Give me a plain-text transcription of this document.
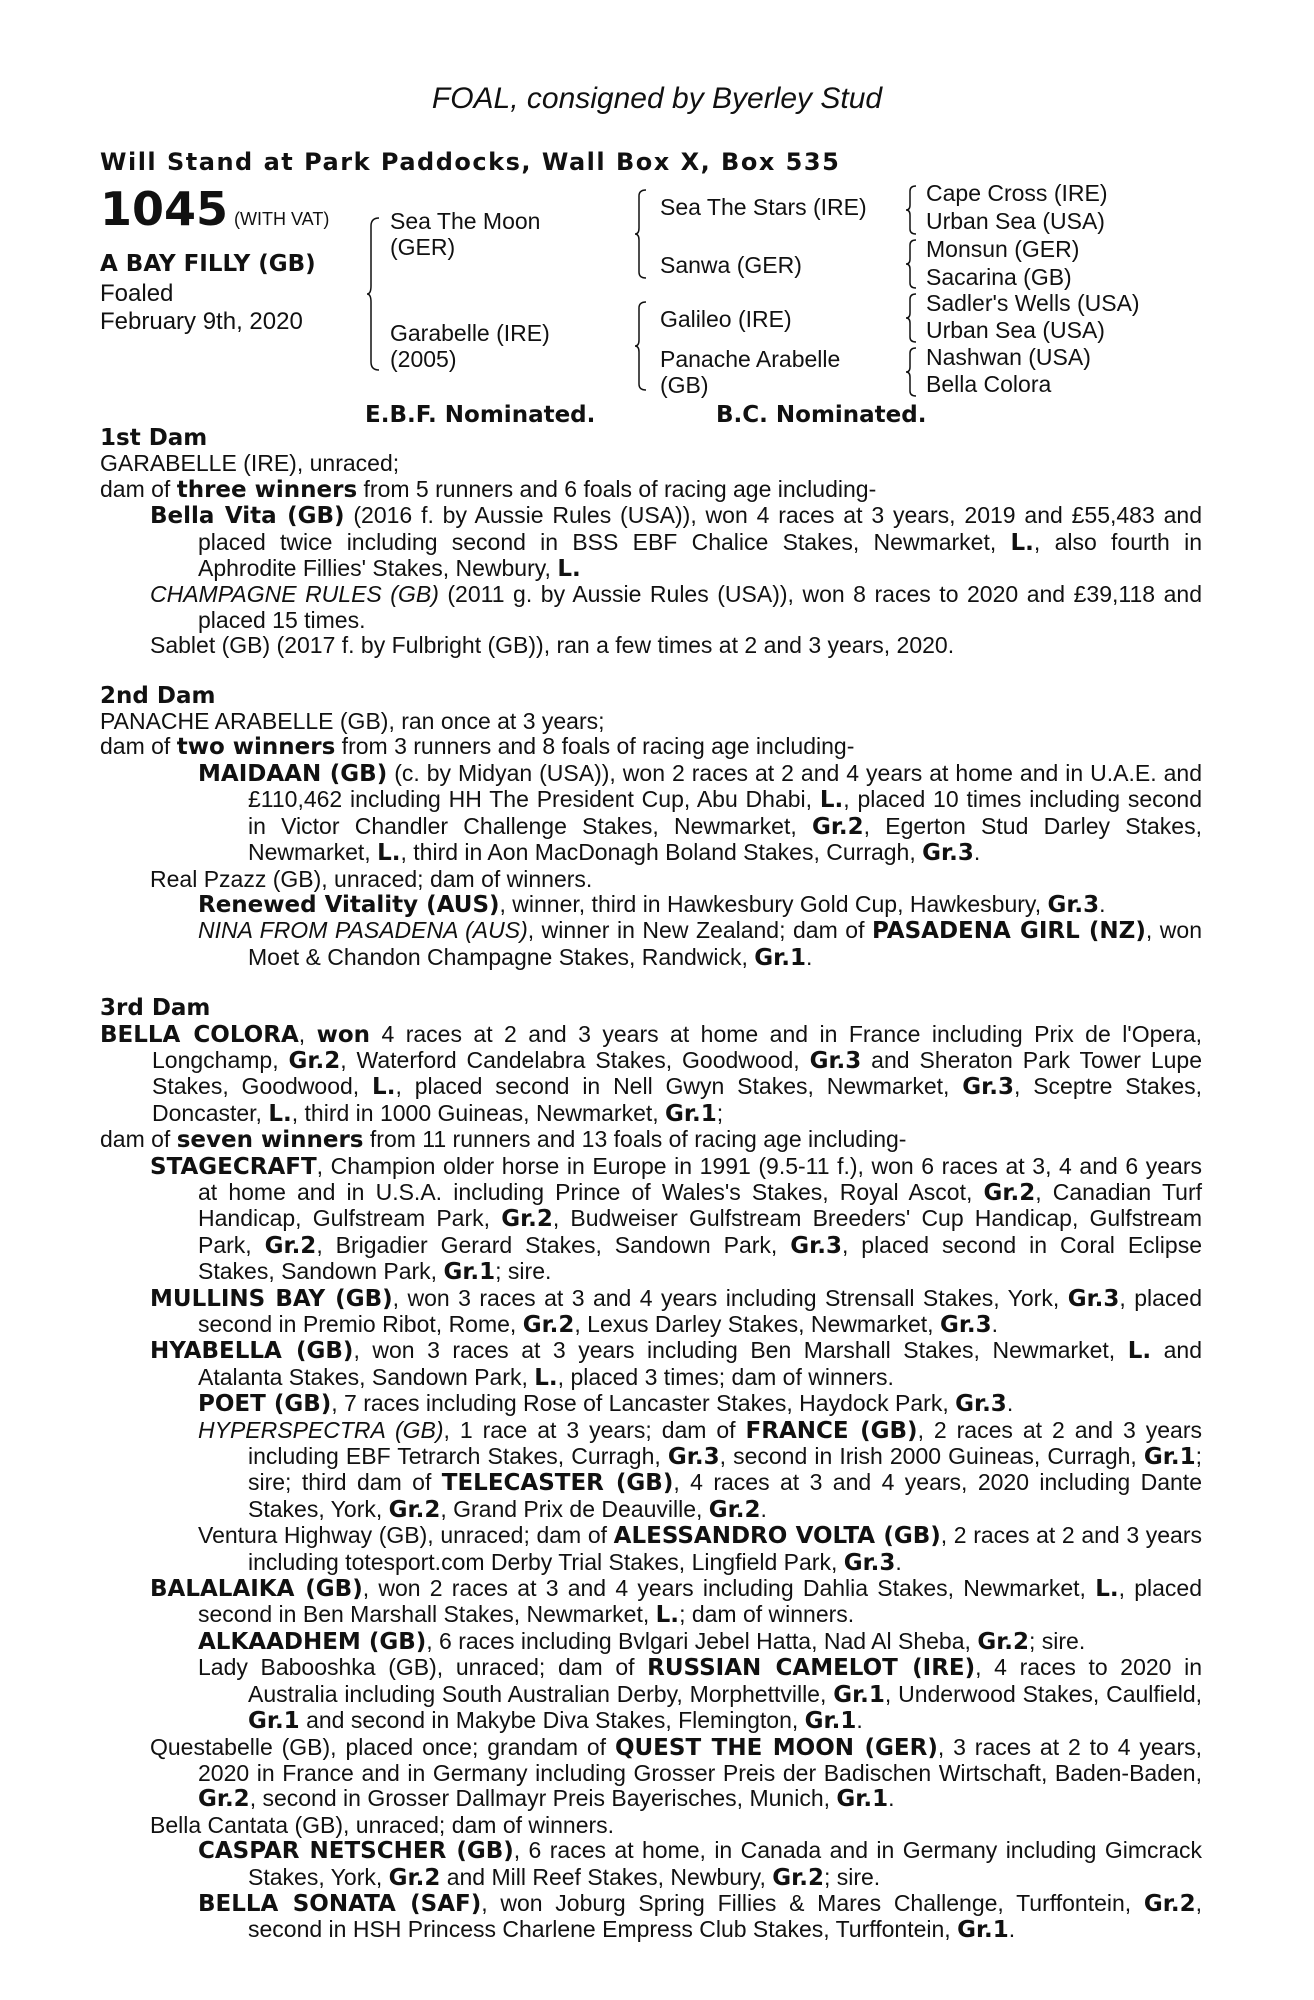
FOAL, consigned by Byerley Stud
Will Stand at Park Paddocks, Wall Box X, Box 535
1045 (WITH VAT)
A BAY FILLY (GB)
Foaled
February 9th, 2020
Sea The Moon
(GER)
Garabelle (IRE)
(2005)
Sea The Stars (IRE)
Sanwa (GER)
Galileo (IRE)
Panache Arabelle
(GB)
Cape Cross (IRE)
Urban Sea (USA)
Monsun (GER)
Sacarina (GB)
Sadler's Wells (USA)
Urban Sea (USA)
Nashwan (USA)
Bella Colora
E.B.F. Nominated.	B.C. Nominated.
1st Dam
GARABELLE (IRE), unraced;
dam of three winners from 5 runners and 6 foals of racing age including-
Bella Vita (GB) (2016 f. by Aussie Rules (USA)), won 4 races at 3 years, 2019 and £55,483 and placed twice including second in BSS EBF Chalice Stakes, Newmarket, L., also fourth in Aphrodite Fillies' Stakes, Newbury, L.
CHAMPAGNE RULES (GB) (2011 g. by Aussie Rules (USA)), won 8 races to 2020 and £39,118 and placed 15 times.
Sablet (GB) (2017 f. by Fulbright (GB)), ran a few times at 2 and 3 years, 2020.
2nd Dam
PANACHE ARABELLE (GB), ran once at 3 years;
dam of two winners from 3 runners and 8 foals of racing age including-
MAIDAAN (GB) (c. by Midyan (USA)), won 2 races at 2 and 4 years at home and in U.A.E. and £110,462 including HH The President Cup, Abu Dhabi, L., placed 10 times including second in Victor Chandler Challenge Stakes, Newmarket, Gr.2, Egerton Stud Darley Stakes, Newmarket, L., third in Aon MacDonagh Boland Stakes, Curragh, Gr.3.
Real Pzazz (GB), unraced; dam of winners.
Renewed Vitality (AUS), winner, third in Hawkesbury Gold Cup, Hawkesbury, Gr.3.
NINA FROM PASADENA (AUS), winner in New Zealand; dam of PASADENA GIRL (NZ), won Moet & Chandon Champagne Stakes, Randwick, Gr.1.
3rd Dam
BELLA COLORA, won 4 races at 2 and 3 years at home and in France including Prix de l'Opera, Longchamp, Gr.2, Waterford Candelabra Stakes, Goodwood, Gr.3 and Sheraton Park Tower Lupe Stakes, Goodwood, L., placed second in Nell Gwyn Stakes, Newmarket, Gr.3, Sceptre Stakes, Doncaster, L., third in 1000 Guineas, Newmarket, Gr.1;
dam of seven winners from 11 runners and 13 foals of racing age including-
STAGECRAFT, Champion older horse in Europe in 1991 (9.5-11 f.), won 6 races at 3, 4 and 6 years at home and in U.S.A. including Prince of Wales's Stakes, Royal Ascot, Gr.2, Canadian Turf Handicap, Gulfstream Park, Gr.2, Budweiser Gulfstream Breeders' Cup Handicap, Gulfstream Park, Gr.2, Brigadier Gerard Stakes, Sandown Park, Gr.3, placed second in Coral Eclipse Stakes, Sandown Park, Gr.1; sire.
MULLINS BAY (GB), won 3 races at 3 and 4 years including Strensall Stakes, York, Gr.3, placed second in Premio Ribot, Rome, Gr.2, Lexus Darley Stakes, Newmarket, Gr.3.
HYABELLA (GB), won 3 races at 3 years including Ben Marshall Stakes, Newmarket, L. and Atalanta Stakes, Sandown Park, L., placed 3 times; dam of winners.
POET (GB), 7 races including Rose of Lancaster Stakes, Haydock Park, Gr.3.
HYPERSPECTRA (GB), 1 race at 3 years; dam of FRANCE (GB), 2 races at 2 and 3 years including EBF Tetrarch Stakes, Curragh, Gr.3, second in Irish 2000 Guineas, Curragh, Gr.1; sire; third dam of TELECASTER (GB), 4 races at 3 and 4 years, 2020 including Dante Stakes, York, Gr.2, Grand Prix de Deauville, Gr.2.
Ventura Highway (GB), unraced; dam of ALESSANDRO VOLTA (GB), 2 races at 2 and 3 years including totesport.com Derby Trial Stakes, Lingfield Park, Gr.3.
BALALAIKA (GB), won 2 races at 3 and 4 years including Dahlia Stakes, Newmarket, L., placed second in Ben Marshall Stakes, Newmarket, L.; dam of winners.
ALKAADHEM (GB), 6 races including Bvlgari Jebel Hatta, Nad Al Sheba, Gr.2; sire.
Lady Babooshka (GB), unraced; dam of RUSSIAN CAMELOT (IRE), 4 races to 2020 in Australia including South Australian Derby, Morphettville, Gr.1, Underwood Stakes, Caulfield, Gr.1 and second in Makybe Diva Stakes, Flemington, Gr.1.
Questabelle (GB), placed once; grandam of QUEST THE MOON (GER), 3 races at 2 to 4 years, 2020 in France and in Germany including Grosser Preis der Badischen Wirtschaft, Baden-Baden, Gr.2, second in Grosser Dallmayr Preis Bayerisches, Munich, Gr.1.
Bella Cantata (GB), unraced; dam of winners.
CASPAR NETSCHER (GB), 6 races at home, in Canada and in Germany including Gimcrack Stakes, York, Gr.2 and Mill Reef Stakes, Newbury, Gr.2; sire.
BELLA SONATA (SAF), won Joburg Spring Fillies & Mares Challenge, Turffontein, Gr.2, second in HSH Princess Charlene Empress Club Stakes, Turffontein, Gr.1.
